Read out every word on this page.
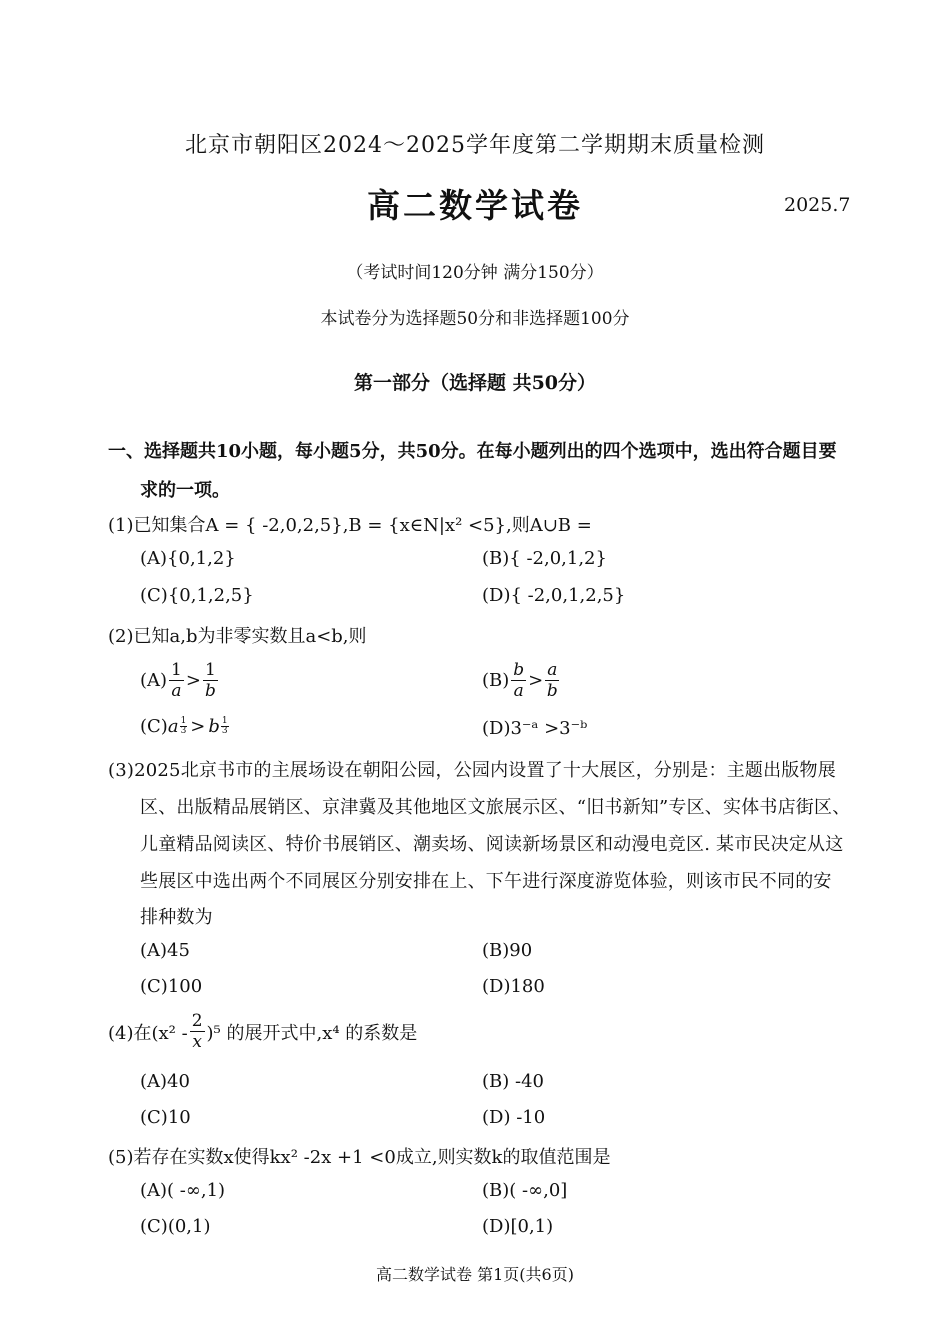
北京市朝阳区2024～2025学年度第二学期期末质量检测
高二数学试卷	2025.7
（考试时间120分钟 满分150分）
本试卷分为选择题50分和非选择题100分
第一部分（选择题 共50分）
一、选择题共10小题，每小题5分，共50分。在每小题列出的四个选项中，选出符合题目要
求的一项。
(1)已知集合A = { -2,0,2,5},B = {x∈N|x² <5},则A∪B =
(A){0,1,2}	(B){ -2,0,1,2}
(C){0,1,2,5}	(D){ -2,0,1,2,5}
(2)已知a,b为非零实数且a<b,则
$(A) \frac{1}{a} > \frac{1}{b}$	$(B) \frac{b}{a} > \frac{a}{b}$
(C) a $\frac{1}{3} > b \frac{1}{3}$	(D)3⁻ᵃ >3⁻ᵇ
(3)2025北京书市的主展场设在朝阳公园，公园内设置了十大展区，分别是：主题出版物展
区、出版精品展销区、京津冀及其他地区文旅展示区、“旧书新知”专区、实体书店街区、
儿童精品阅读区、特价书展销区、潮卖场、阅读新场景区和动漫电竞区. 某市民决定从这
些展区中选出两个不同展区分别安排在上、下午进行深度游览体验，则该市民不同的安
排种数为
(A)45	(B)90
(C)100	(D)180
(4)在$(x^2 - \frac{2}{x} )^5$ 的展开式中,x⁴ 的系数是
(A)40	(B) -40
(C)10	(D) -10
(5)若存在实数x使得kx² -2x +1 <0成立,则实数k的取值范围是
(A)( -∞,1)	(B)( -∞,0]
(C)(0,1)	(D)[0,1)
高二数学试卷 第1页(共6页)
